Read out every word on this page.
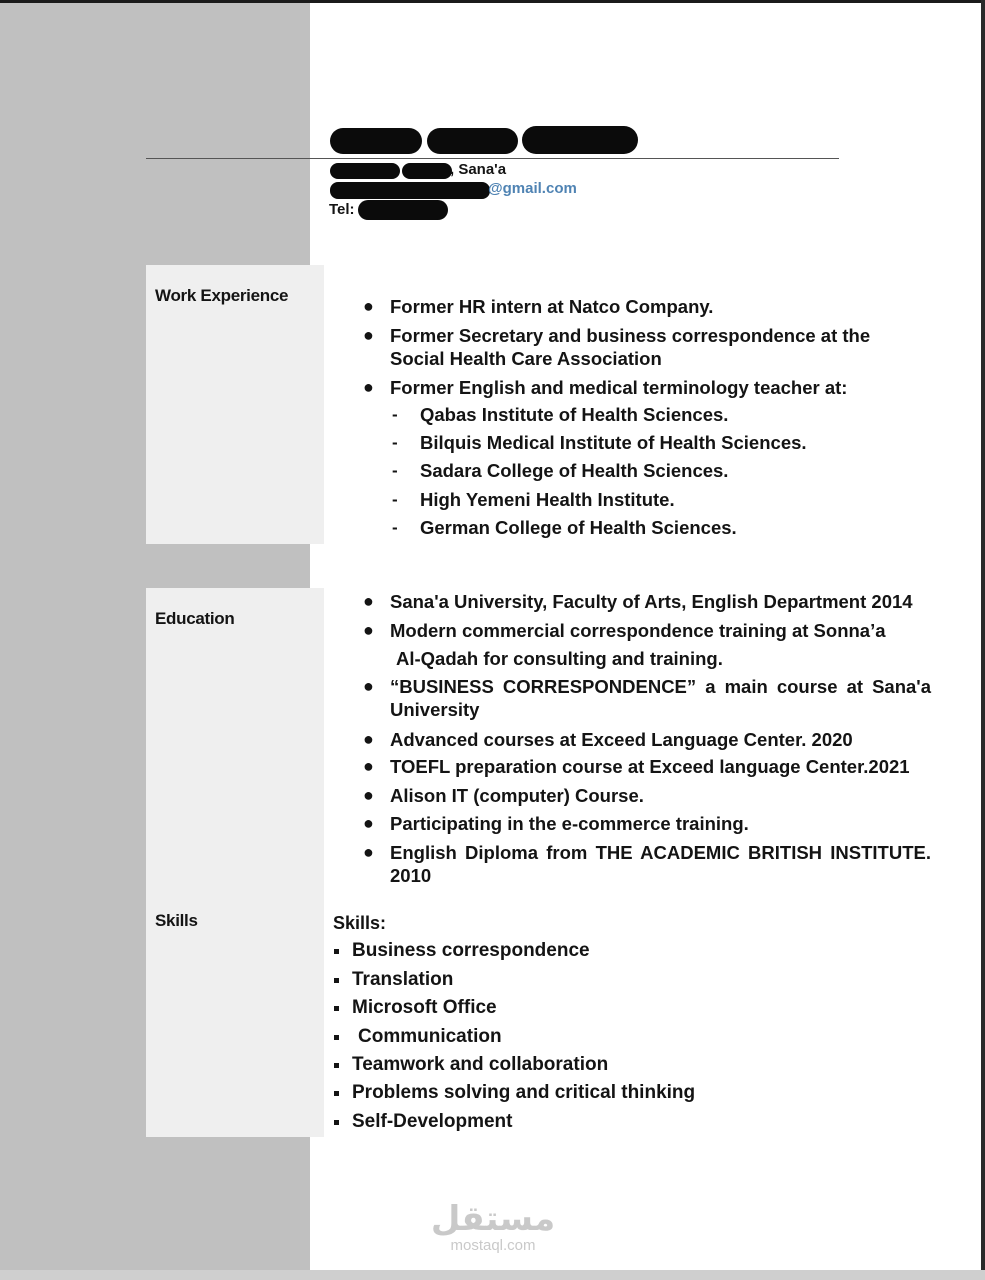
Work Experience
Education
Skills
, Sana'a
@gmail.com
Tel:
● Former HR intern at Natco Company.
● Former Secretary and business correspondence at the Social Health Care Association
● Former English and medical terminology teacher at:
- Qabas Institute of Health Sciences.
- Bilquis Medical Institute of Health Sciences.
- Sadara College of Health Sciences.
- High Yemeni Health Institute.
- German College of Health Sciences.
● Sana'a University, Faculty of Arts, English Department 2014
● Modern commercial correspondence training at Sonna’a
Al-Qadah for consulting and training.
● “BUSINESS CORRESPONDENCE” a main course at Sana'a University
● Advanced courses at Exceed Language Center. 2020
● TOEFL preparation course at Exceed language Center.2021
● Alison IT (computer) Course.
● Participating in the e-commerce training.
● English Diploma from THE ACADEMIC BRITISH INSTITUTE. 2010
Skills:
Business correspondence
Translation
Microsoft Office
Communication
Teamwork and collaboration
Problems solving and critical thinking
Self-Development
مستقل
mostaql.com
